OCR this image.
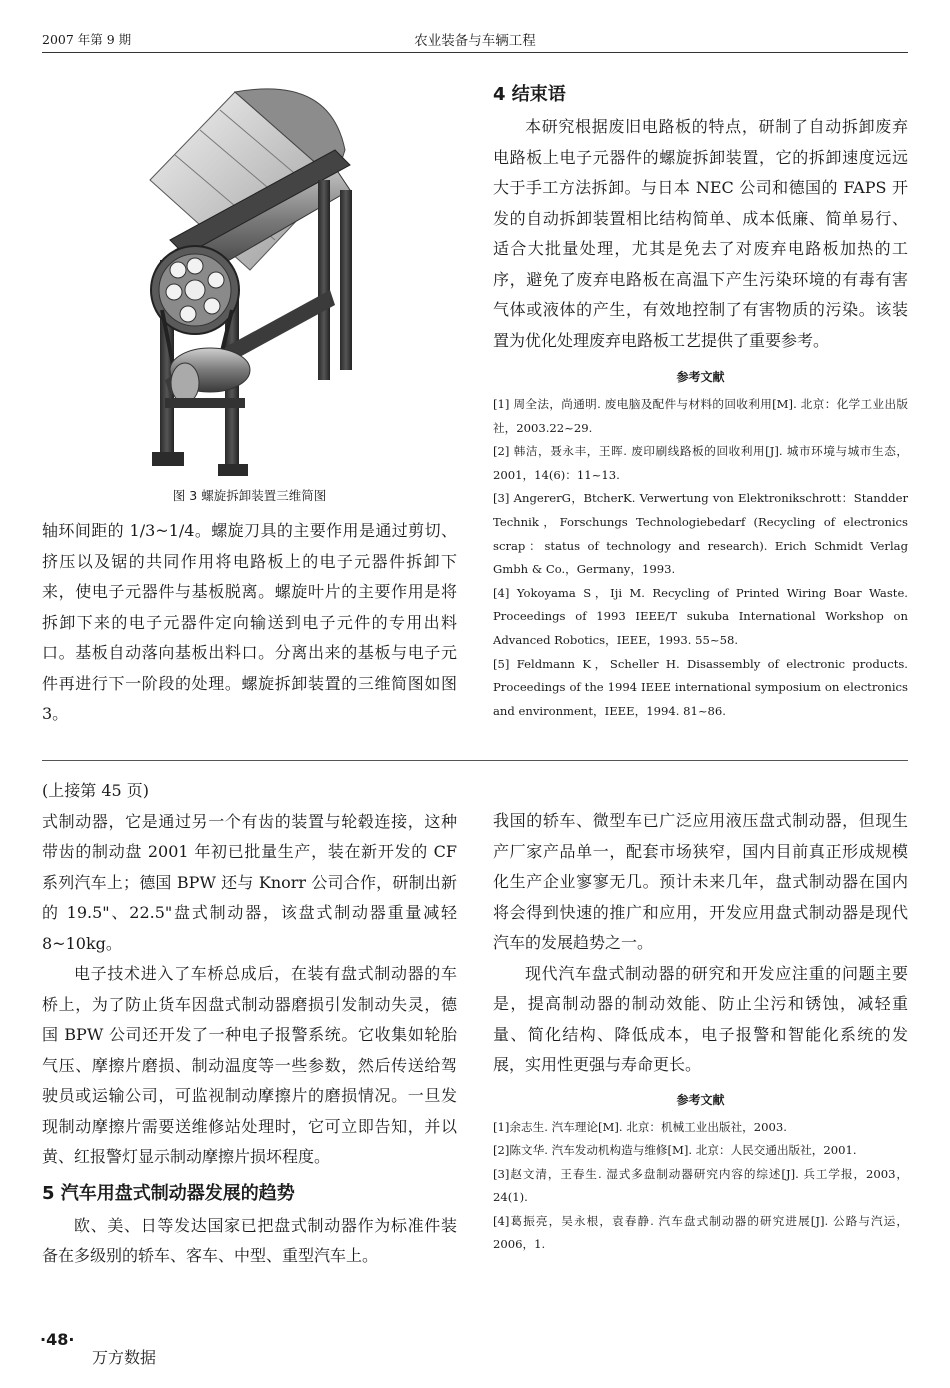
2007 年第 9 期	农业装备与车辆工程
图 3 螺旋拆卸装置三维简图

轴环间距的 1/3~1/4。螺旋刀具的主要作用是通过剪切、挤压以及锯的共同作用将电路板上的电子元器件拆卸下来，使电子元器件与基板脱离。螺旋叶片的主要作用是将拆卸下来的电子元器件定向输送到电子元件的专用出料口。基板自动落向基板出料口。分离出来的基板与电子元件再进行下一阶段的处理。螺旋拆卸装置的三维简图如图 3。

4 结束语

本研究根据废旧电路板的特点，研制了自动拆卸废弃电路板上电子元器件的螺旋拆卸装置，它的拆卸速度远远大于手工方法拆卸。与日本 NEC 公司和德国的 FAPS 开发的自动拆卸装置相比结构简单、成本低廉、简单易行、适合大批量处理，尤其是免去了对废弃电路板加热的工序，避免了废弃电路板在高温下产生污染环境的有毒有害气体或液体的产生，有效地控制了有害物质的污染。该装置为优化处理废弃电路板工艺提供了重要参考。

参考文献

[1] 周全法，尚通明. 废电脑及配件与材料的回收利用[M]. 北京：化学工业出版社，2003.22~29.

[2] 韩洁，聂永丰，王晖. 废印刷线路板的回收利用[J]. 城市环境与城市生态，2001，14(6)：11~13.

[3] AngererG，BtcherK. Verwertung von Elektronikschrott：Standder Technik，Forschungs Technologiebedarf (Recycling of electronics scrap：status of technology and research). Erich Schmidt Verlag Gmbh & Co.，Germany，1993.

[4] Yokoyama S，Iji M. Recycling of Printed Wiring Boar Waste. Proceedings of 1993 IEEE/T sukuba International Workshop on Advanced Robotics，IEEE，1993. 55~58.

[5] Feldmann K，Scheller H. Disassembly of electronic products. Proceedings of the 1994 IEEE international symposium on electronics and environment，IEEE，1994. 81~86.

(上接第 45 页)

式制动器，它是通过另一个有齿的装置与轮毂连接，这种带齿的制动盘 2001 年初已批量生产，装在新开发的 CF 系列汽车上；德国 BPW 还与 Knorr 公司合作，研制出新的 19.5"、22.5"盘式制动器，该盘式制动器重量减轻 8~10kg。

电子技术进入了车桥总成后，在装有盘式制动器的车桥上，为了防止货车因盘式制动器磨损引发制动失灵，德国 BPW 公司还开发了一种电子报警系统。它收集如轮胎气压、摩擦片磨损、制动温度等一些参数，然后传送给驾驶员或运输公司，可监视制动摩擦片的磨损情况。一旦发现制动摩擦片需要送维修站处理时，它可立即告知，并以黄、红报警灯显示制动摩擦片损坏程度。

5 汽车用盘式制动器发展的趋势

欧、美、日等发达国家已把盘式制动器作为标准件装备在多级别的轿车、客车、中型、重型汽车上。

我国的轿车、微型车已广泛应用液压盘式制动器，但现生产厂家产品单一，配套市场狭窄，国内目前真正形成规模化生产企业寥寥无几。预计未来几年，盘式制动器在国内将会得到快速的推广和应用，开发应用盘式制动器是现代汽车的发展趋势之一。

现代汽车盘式制动器的研究和开发应注重的问题主要是，提高制动器的制动效能、防止尘污和锈蚀，减轻重量、简化结构、降低成本，电子报警和智能化系统的发展，实用性更强与寿命更长。

参考文献

[1]余志生. 汽车理论[M]. 北京：机械工业出版社，2003.

[2]陈文华. 汽车发动机构造与维修[M]. 北京：人民交通出版社，2001.

[3]赵文清，王春生. 湿式多盘制动器研究内容的综述[J]. 兵工学报，2003，24(1).

[4]葛振亮，吴永根，袁春静. 汽车盘式制动器的研究进展[J]. 公路与汽运，2006，1.

·48·
万方数据
